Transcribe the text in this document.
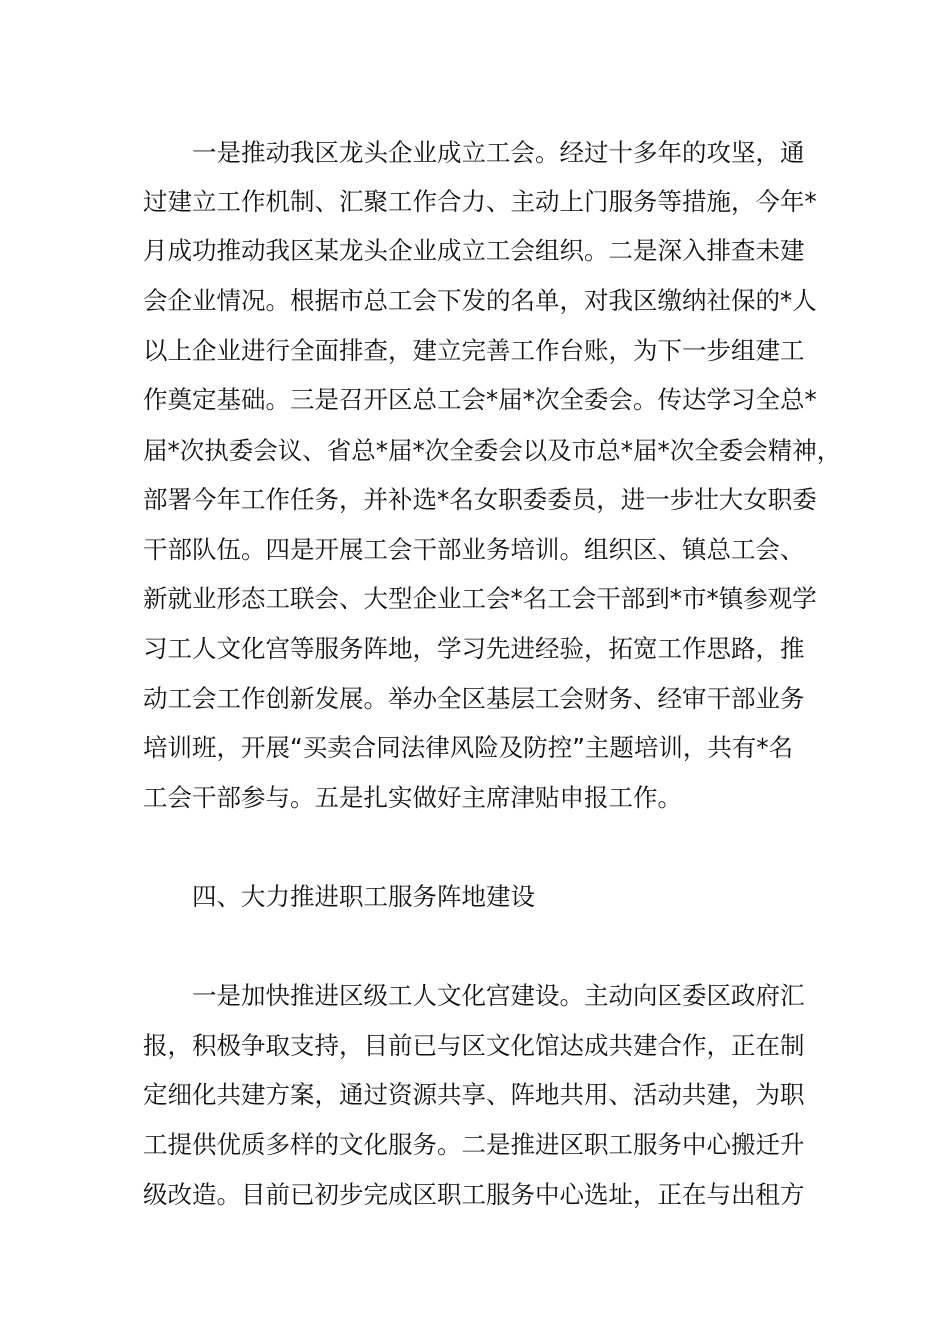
一是推动我区龙头企业成立工会。经过十多年的攻坚，通
过建立工作机制、汇聚工作合力、主动上门服务等措施，今年*
月成功推动我区某龙头企业成立工会组织。二是深入排查未建
会企业情况。根据市总工会下发的名单，对我区缴纳社保的*人
以上企业进行全面排查，建立完善工作台账，为下一步组建工
作奠定基础。三是召开区总工会*届*次全委会。传达学习全总*
届*次执委会议、省总*届*次全委会以及市总*届*次全委会精神，
部署今年工作任务，并补选*名女职委委员，进一步壮大女职委
干部队伍。四是开展工会干部业务培训。组织区、镇总工会、
新就业形态工联会、大型企业工会*名工会干部到*市*镇参观学
习工人文化宫等服务阵地，学习先进经验，拓宽工作思路，推
动工会工作创新发展。举办全区基层工会财务、经审干部业务
培训班，开展“买卖合同法律风险及防控”主题培训，共有*名
工会干部参与。五是扎实做好主席津贴申报工作。
四、大力推进职工服务阵地建设
一是加快推进区级工人文化宫建设。主动向区委区政府汇
报，积极争取支持，目前已与区文化馆达成共建合作，正在制
定细化共建方案，通过资源共享、阵地共用、活动共建，为职
工提供优质多样的文化服务。二是推进区职工服务中心搬迁升
级改造。目前已初步完成区职工服务中心选址，正在与出租方
